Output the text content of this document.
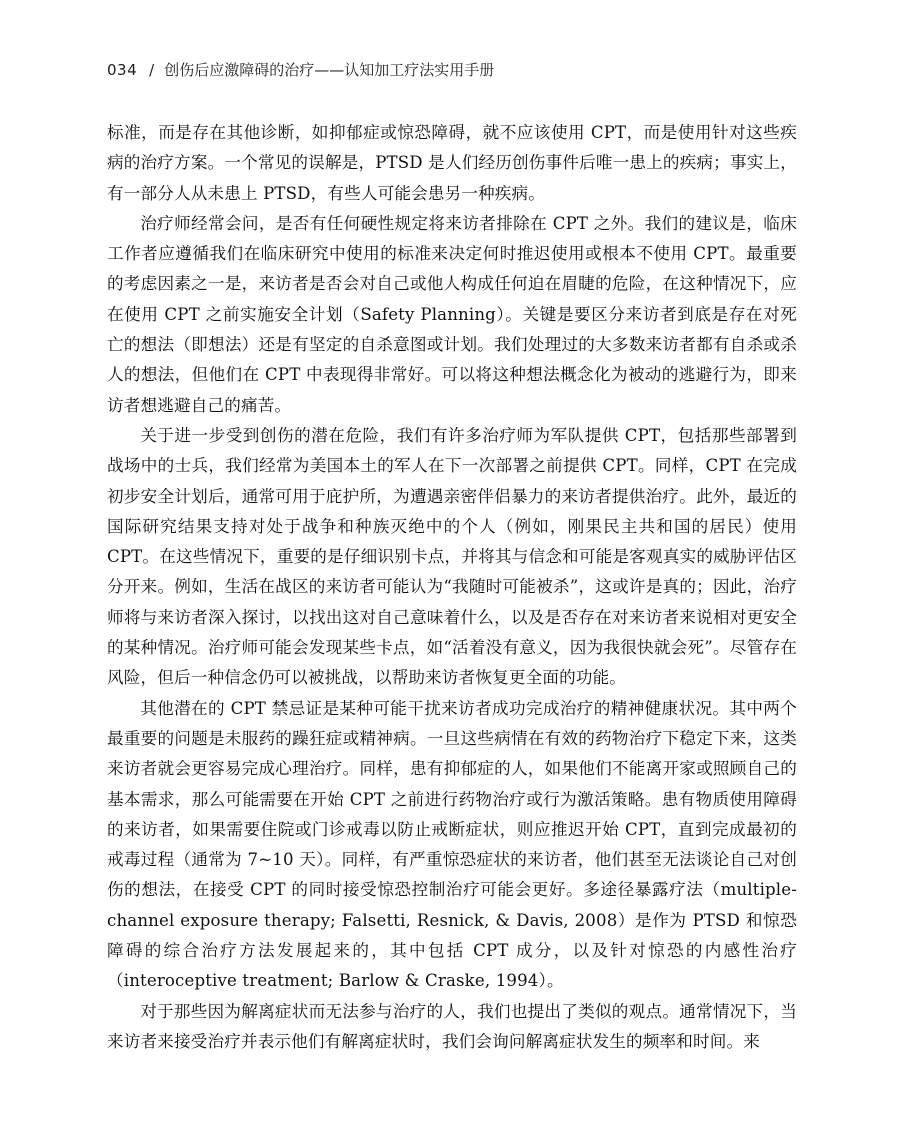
034 / 创伤后应激障碍的治疗——认知加工疗法实用手册

标准，而是存在其他诊断，如抑郁症或惊恐障碍，就不应该使用 CPT，而是使用针对这些疾病的治疗方案。一个常见的误解是，PTSD 是人们经历创伤事件后唯一患上的疾病；事实上，有一部分人从未患上 PTSD，有些人可能会患另一种疾病。

治疗师经常会问，是否有任何硬性规定将来访者排除在 CPT 之外。我们的建议是，临床工作者应遵循我们在临床研究中使用的标准来决定何时推迟使用或根本不使用 CPT。最重要的考虑因素之一是，来访者是否会对自己或他人构成任何迫在眉睫的危险，在这种情况下，应在使用 CPT 之前实施安全计划（Safety Planning）。关键是要区分来访者到底是存在对死亡的想法（即想法）还是有坚定的自杀意图或计划。我们处理过的大多数来访者都有自杀或杀人的想法，但他们在 CPT 中表现得非常好。可以将这种想法概念化为被动的逃避行为，即来访者想逃避自己的痛苦。

关于进一步受到创伤的潜在危险，我们有许多治疗师为军队提供 CPT，包括那些部署到战场中的士兵，我们经常为美国本土的军人在下一次部署之前提供 CPT。同样，CPT 在完成初步安全计划后，通常可用于庇护所，为遭遇亲密伴侣暴力的来访者提供治疗。此外，最近的国际研究结果支持对处于战争和种族灭绝中的个人（例如，刚果民主共和国的居民）使用 CPT。在这些情况下，重要的是仔细识别卡点，并将其与信念和可能是客观真实的威胁评估区分开来。例如，生活在战区的来访者可能认为“我随时可能被杀”，这或许是真的；因此，治疗师将与来访者深入探讨，以找出这对自己意味着什么，以及是否存在对来访者来说相对更安全的某种情况。治疗师可能会发现某些卡点，如“活着没有意义，因为我很快就会死”。尽管存在风险，但后一种信念仍可以被挑战，以帮助来访者恢复更全面的功能。

其他潜在的 CPT 禁忌证是某种可能干扰来访者成功完成治疗的精神健康状况。其中两个最重要的问题是未服药的躁狂症或精神病。一旦这些病情在有效的药物治疗下稳定下来，这类来访者就会更容易完成心理治疗。同样，患有抑郁症的人，如果他们不能离开家或照顾自己的基本需求，那么可能需要在开始 CPT 之前进行药物治疗或行为激活策略。患有物质使用障碍的来访者，如果需要住院或门诊戒毒以防止戒断症状，则应推迟开始 CPT，直到完成最初的戒毒过程（通常为 7~10 天）。同样，有严重惊恐症状的来访者，他们甚至无法谈论自己对创伤的想法，在接受 CPT 的同时接受惊恐控制治疗可能会更好。多途径暴露疗法（multiple-channel exposure therapy; Falsetti, Resnick, & Davis, 2008）是作为 PTSD 和惊恐障碍的综合治疗方法发展起来的，其中包括 CPT 成分，以及针对惊恐的内感性治疗（interoceptive treatment; Barlow & Craske, 1994）。

对于那些因为解离症状而无法参与治疗的人，我们也提出了类似的观点。通常情况下，当来访者来接受治疗并表示他们有解离症状时，我们会询问解离症状发生的频率和时间。来
